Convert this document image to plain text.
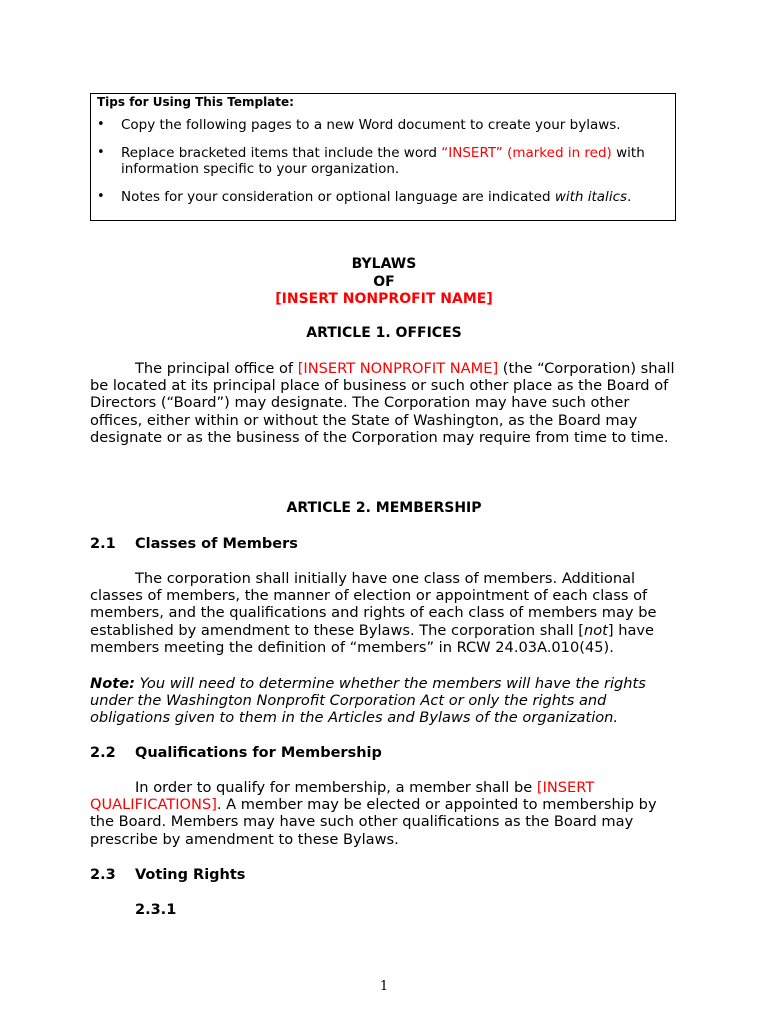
Tips for Using This Template:
• Copy the following pages to a new Word document to create your bylaws.
• Replace bracketed items that include the word “INSERT” (marked in red) with information specific to your organization.
• Notes for your consideration or optional language are indicated with italics.
BYLAWS
OF
[INSERT NONPROFIT NAME]
ARTICLE 1. OFFICES
The principal office of [INSERT NONPROFIT NAME] (the “Corporation) shall be located at its principal place of business or such other place as the Board of Directors (“Board”) may designate. The Corporation may have such other offices, either within or without the State of Washington, as the Board may designate or as the business of the Corporation may require from time to time.
ARTICLE 2. MEMBERSHIP
2.1 Classes of Members
The corporation shall initially have one class of members. Additional classes of members, the manner of election or appointment of each class of members, and the qualifications and rights of each class of members may be established by amendment to these Bylaws. The corporation shall [not] have members meeting the definition of “members” in RCW 24.03A.010(45).
Note: You will need to determine whether the members will have the rights under the Washington Nonprofit Corporation Act or only the rights and obligations given to them in the Articles and Bylaws of the organization.
2.2 Qualifications for Membership
In order to qualify for membership, a member shall be [INSERT QUALIFICATIONS]. A member may be elected or appointed to membership by the Board. Members may have such other qualifications as the Board may prescribe by amendment to these Bylaws.
2.3 Voting Rights
2.3.1
1
